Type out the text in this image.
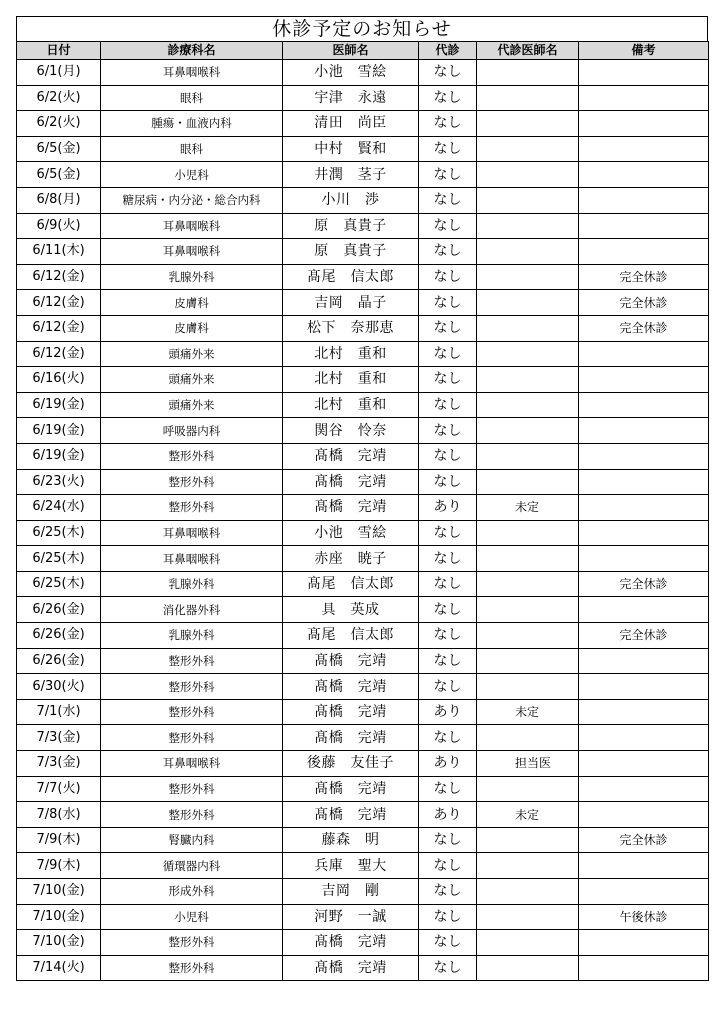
休診予定のお知らせ
日付	診療科名	医師名	代診	代診医師名	備考
6/1(月)	耳鼻咽喉科	小池　雪絵	なし		
6/2(火)	眼科	宇津　永遠	なし		
6/2(火)	腫瘍・血液内科	清田　尚臣	なし		
6/5(金)	眼科	中村　賢和	なし		
6/5(金)	小児科	井潤　茎子	なし		
6/8(月)	糖尿病・内分泌・総合内科	小川　渉	なし		
6/9(火)	耳鼻咽喉科	原　真貴子	なし		
6/11(木)	耳鼻咽喉科	原　真貴子	なし		
6/12(金)	乳腺外科	髙尾　信太郎	なし		完全休診
6/12(金)	皮膚科	吉岡　晶子	なし		完全休診
6/12(金)	皮膚科	松下　奈那恵	なし		完全休診
6/12(金)	頭痛外来	北村　重和	なし		
6/16(火)	頭痛外来	北村　重和	なし		
6/19(金)	頭痛外来	北村　重和	なし		
6/19(金)	呼吸器内科	関谷　怜奈	なし		
6/19(金)	整形外科	髙橋　完靖	なし		
6/23(火)	整形外科	髙橋　完靖	なし		
6/24(水)	整形外科	髙橋　完靖	あり	未定	
6/25(木)	耳鼻咽喉科	小池　雪絵	なし		
6/25(木)	耳鼻咽喉科	赤座　暁子	なし		
6/25(木)	乳腺外科	髙尾　信太郎	なし		完全休診
6/26(金)	消化器外科	具　英成	なし		
6/26(金)	乳腺外科	髙尾　信太郎	なし		完全休診
6/26(金)	整形外科	髙橋　完靖	なし		
6/30(火)	整形外科	髙橋　完靖	なし		
7/1(水)	整形外科	髙橋　完靖	あり	未定	
7/3(金)	整形外科	髙橋　完靖	なし		
7/3(金)	耳鼻咽喉科	後藤　友佳子	あり	担当医	
7/7(火)	整形外科	髙橋　完靖	なし		
7/8(水)	整形外科	髙橋　完靖	あり	未定	
7/9(木)	腎臓内科	藤森　明	なし		完全休診
7/9(木)	循環器内科	兵庫　聖大	なし		
7/10(金)	形成外科	吉岡　剛	なし		
7/10(金)	小児科	河野　一誠	なし		午後休診
7/10(金)	整形外科	髙橋　完靖	なし		
7/14(火)	整形外科	髙橋　完靖	なし		
